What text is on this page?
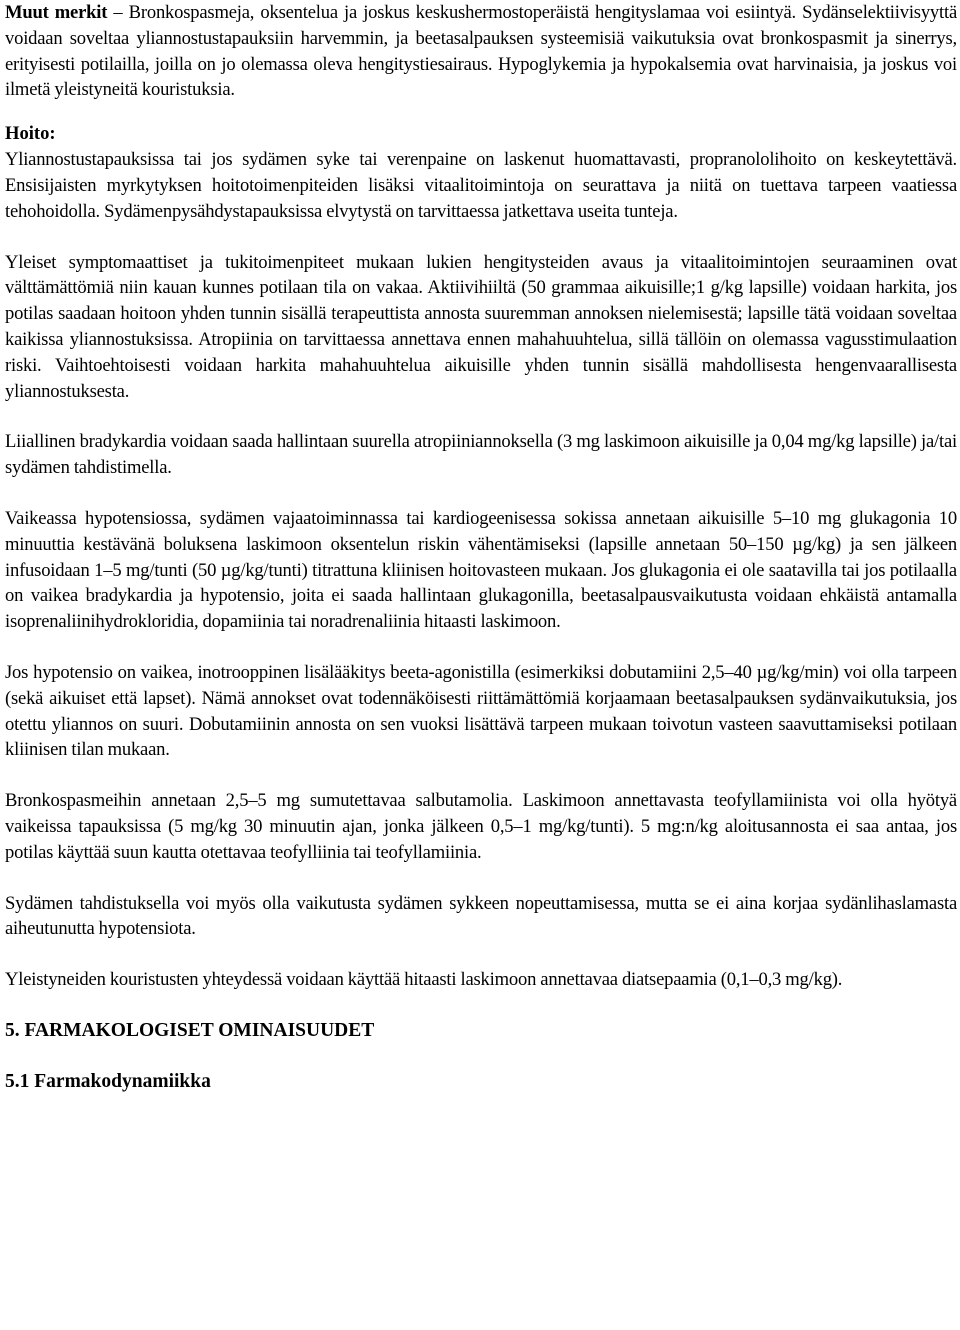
Muut merkit – Bronkospasmeja, oksentelua ja joskus keskushermostoperäistä hengityslamaa voi esiintyä. Sydänselektiivisyyttä voidaan soveltaa yliannostustapauksiin harvemmin, ja beetasalpauksen systeemisiä vaikutuksia ovat bronkospasmit ja sinerrys, erityisesti potilailla, joilla on jo olemassa oleva hengitystiesairaus. Hypoglykemia ja hypokalsemia ovat harvinaisia, ja joskus voi ilmetä yleistyneitä kouristuksia.

Hoito:

Yliannostustapauksissa tai jos sydämen syke tai verenpaine on laskenut huomattavasti, propranololihoito on keskeytettävä. Ensisijaisten myrkytyksen hoitotoimenpiteiden lisäksi vitaalitoimintoja on seurattava ja niitä on tuettava tarpeen vaatiessa tehohoidolla. Sydämenpysähdystapauksissa elvytystä on tarvittaessa jatkettava useita tunteja.

Yleiset symptomaattiset ja tukitoimenpiteet mukaan lukien hengitysteiden avaus ja vitaalitoimintojen seuraaminen ovat välttämättömiä niin kauan kunnes potilaan tila on vakaa. Aktiivihiiltä (50 grammaa aikuisille;1 g/kg lapsille) voidaan harkita, jos potilas saadaan hoitoon yhden tunnin sisällä terapeuttista annosta suuremman annoksen nielemisestä; lapsille tätä voidaan soveltaa kaikissa yliannostuksissa. Atropiinia on tarvittaessa annettava ennen mahahuuhtelua, sillä tällöin on olemassa vagusstimulaation riski. Vaihtoehtoisesti voidaan harkita mahahuuhtelua aikuisille yhden tunnin sisällä mahdollisesta hengenvaarallisesta yliannostuksesta.

Liiallinen bradykardia voidaan saada hallintaan suurella atropiiniannoksella (3 mg laskimoon aikuisille ja 0,04 mg/kg lapsille) ja/tai sydämen tahdistimella.

Vaikeassa hypotensiossa, sydämen vajaatoiminnassa tai kardiogeenisessa sokissa annetaan aikuisille 5–10 mg glukagonia 10 minuuttia kestävänä boluksena laskimoon oksentelun riskin vähentämiseksi (lapsille annetaan 50–150 µg/kg) ja sen jälkeen infusoidaan 1–5 mg/tunti (50 µg/kg/tunti) titrattuna kliinisen hoitovasteen mukaan. Jos glukagonia ei ole saatavilla tai jos potilaalla on vaikea bradykardia ja hypotensio, joita ei saada hallintaan glukagonilla, beetasalpausvaikutusta voidaan ehkäistä antamalla isoprenaliinihydrokloridia, dopamiinia tai noradrenaliinia hitaasti laskimoon.

Jos hypotensio on vaikea, inotrooppinen lisälääkitys beeta-agonistilla (esimerkiksi dobutamiini 2,5–40 µg/kg/min) voi olla tarpeen (sekä aikuiset että lapset). Nämä annokset ovat todennäköisesti riittämättömiä korjaamaan beetasalpauksen sydänvaikutuksia, jos otettu yliannos on suuri. Dobutamiinin annosta on sen vuoksi lisättävä tarpeen mukaan toivotun vasteen saavuttamiseksi potilaan kliinisen tilan mukaan.

Bronkospasmeihin annetaan 2,5–5 mg sumutettavaa salbutamolia. Laskimoon annettavasta teofyllamiinista voi olla hyötyä vaikeissa tapauksissa (5 mg/kg 30 minuutin ajan, jonka jälkeen 0,5–1 mg/kg/tunti). 5 mg:n/kg aloitusannosta ei saa antaa, jos potilas käyttää suun kautta otettavaa teofylliinia tai teofyllamiinia.

Sydämen tahdistuksella voi myös olla vaikutusta sydämen sykkeen nopeuttamisessa, mutta se ei aina korjaa sydänlihaslamasta aiheutunutta hypotensiota.

Yleistyneiden kouristusten yhteydessä voidaan käyttää hitaasti laskimoon annettavaa diatsepaamia (0,1–0,3 mg/kg).

5. FARMAKOLOGISET OMINAISUUDET

5.1 Farmakodynamiikka
